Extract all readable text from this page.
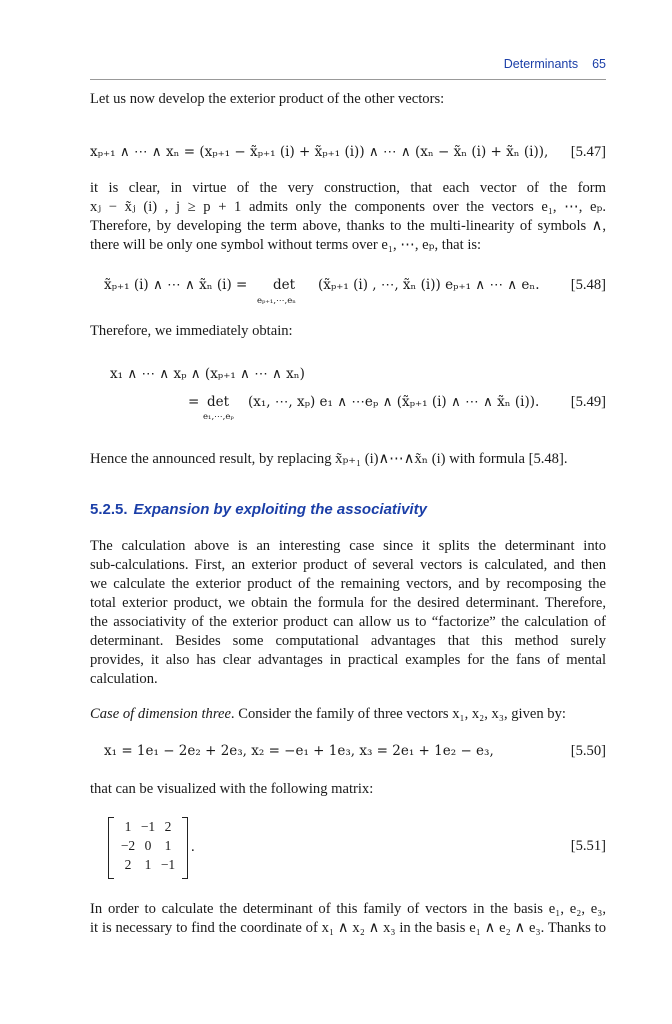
Determinants 65
Let us now develop the exterior product of the other vectors:
xₚ₊₁ ∧ ⋯ ∧ xₙ = (xₚ₊₁ − x̃ₚ₊₁ (i) + x̃ₚ₊₁ (i)) ∧ ⋯ ∧ (xₙ − x̃ₙ (i) + x̃ₙ (i)), [5.47]
it is clear, in virtue of the very construction, that each vector of the form
xⱼ − x̃ⱼ (i) , j ≥ p + 1 admits only the components over the vectors e₁, ⋯, eₚ.
Therefore, by developing the term above, thanks to the multi-linearity of symbols ∧,
there will be only one symbol without terms over e₁, ⋯, eₚ, that is:
x̃ₚ₊₁ (i) ∧ ⋯ ∧ x̃ₙ (i) = det
eₚ₊₁,⋯,eₙ
(x̃ₚ₊₁ (i) , ⋯, x̃ₙ (i)) eₚ₊₁ ∧ ⋯ ∧ eₙ. [5.48]
Therefore, we immediately obtain:
x₁ ∧ ⋯ ∧ xₚ ∧ (xₚ₊₁ ∧ ⋯ ∧ xₙ)
= det
e₁,⋯,eₚ
(x₁, ⋯, xₚ) e₁ ∧ ⋯eₚ ∧ (x̃ₚ₊₁ (i) ∧ ⋯ ∧ x̃ₙ (i)). [5.49]
Hence the announced result, by replacing x̃ₚ₊₁ (i)∧⋯∧x̃ₙ (i) with formula [5.48].
5.2.5. Expansion by exploiting the associativity
The calculation above is an interesting case since it splits the determinant into
sub-calculations. First, an exterior product of several vectors is calculated, and then
we calculate the exterior product of the remaining vectors, and by recomposing the
total exterior product, we obtain the formula for the desired determinant. Therefore,
the associativity of the exterior product can allow us to “factorize” the calculation of
determinant. Besides some computational advantages that this method surely
provides, it also has clear advantages in practical examples for the fans of mental
calculation.
Case of dimension three. Consider the family of three vectors x₁, x₂, x₃, given by:
x₁ = 1e₁ − 2e₂ + 2e₃, x₂ = −e₁ + 1e₃, x₃ = 2e₁ + 1e₂ − e₃,	[5.50]
that can be visualized with the following matrix:
1 −1 2
−2 0 1
2 1 −1
.	[5.51]
In order to calculate the determinant of this family of vectors in the basis e₁, e₂, e₃,
it is necessary to find the coordinate of x₁ ∧ x₂ ∧ x₃ in the basis e₁ ∧ e₂ ∧ e₃. Thanks to
